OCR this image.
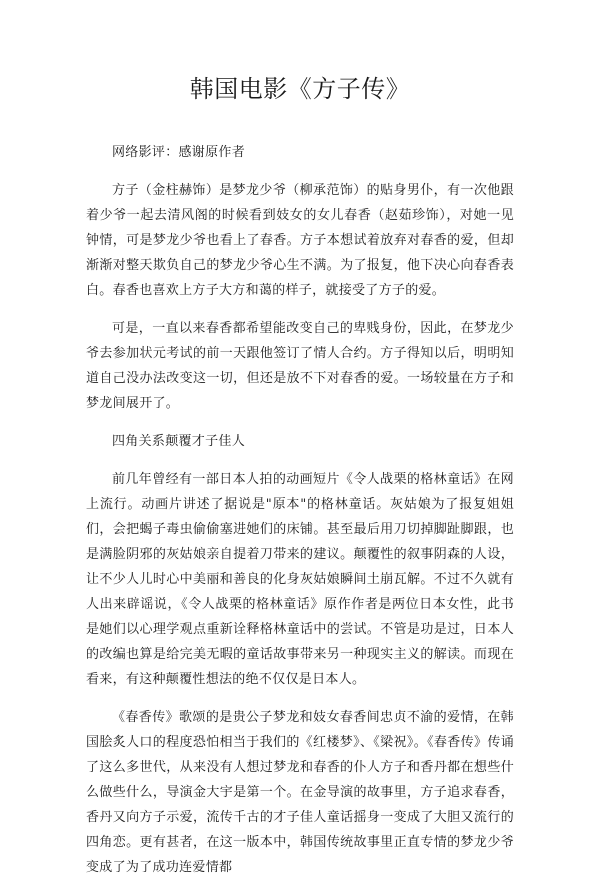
韩国电影《方子传》

网络影评：感谢原作者

方子（金柱赫饰）是梦龙少爷（柳承范饰）的贴身男仆，有一次他跟着少爷一起去清风阁的时候看到妓女的女儿春香（赵茹珍饰），对她一见钟情，可是梦龙少爷也看上了春香。方子本想试着放弃对春香的爱，但却渐渐对整天欺负自己的梦龙少爷心生不满。为了报复，他下决心向春香表白。春香也喜欢上方子大方和蔼的样子，就接受了方子的爱。

可是，一直以来春香都希望能改变自己的卑贱身份，因此，在梦龙少爷去参加状元考试的前一天跟他签订了情人合约。方子得知以后，明明知道自己没办法改变这一切，但还是放不下对春香的爱。一场较量在方子和梦龙间展开了。

四角关系颠覆才子佳人

前几年曾经有一部日本人拍的动画短片《令人战栗的格林童话》在网上流行。动画片讲述了据说是"原本"的格林童话。灰姑娘为了报复姐姐们，会把蝎子毒虫偷偷塞进她们的床铺。甚至最后用刀切掉脚趾脚跟，也是满脸阴邪的灰姑娘亲自提着刀带来的建议。颠覆性的叙事阴森的人设，让不少人儿时心中美丽和善良的化身灰姑娘瞬间土崩瓦解。不过不久就有人出来辟谣说，《令人战栗的格林童话》原作作者是两位日本女性，此书是她们以心理学观点重新诠释格林童话中的尝试。不管是功是过，日本人的改编也算是给完美无暇的童话故事带来另一种现实主义的解读。而现在看来，有这种颠覆性想法的绝不仅仅是日本人。

《春香传》歌颂的是贵公子梦龙和妓女春香间忠贞不渝的爱情，在韩国脍炙人口的程度恐怕相当于我们的《红楼梦》、《梁祝》。《春香传》传诵了这么多世代，从来没有人想过梦龙和春香的仆人方子和香丹都在想些什么做些什么，导演金大宇是第一个。在金导演的故事里，方子追求春香，香丹又向方子示爱，流传千古的才子佳人童话摇身一变成了大胆又流行的四角恋。更有甚者，在这一版本中，韩国传统故事里正直专情的梦龙少爷变成了为了成功连爱情都
